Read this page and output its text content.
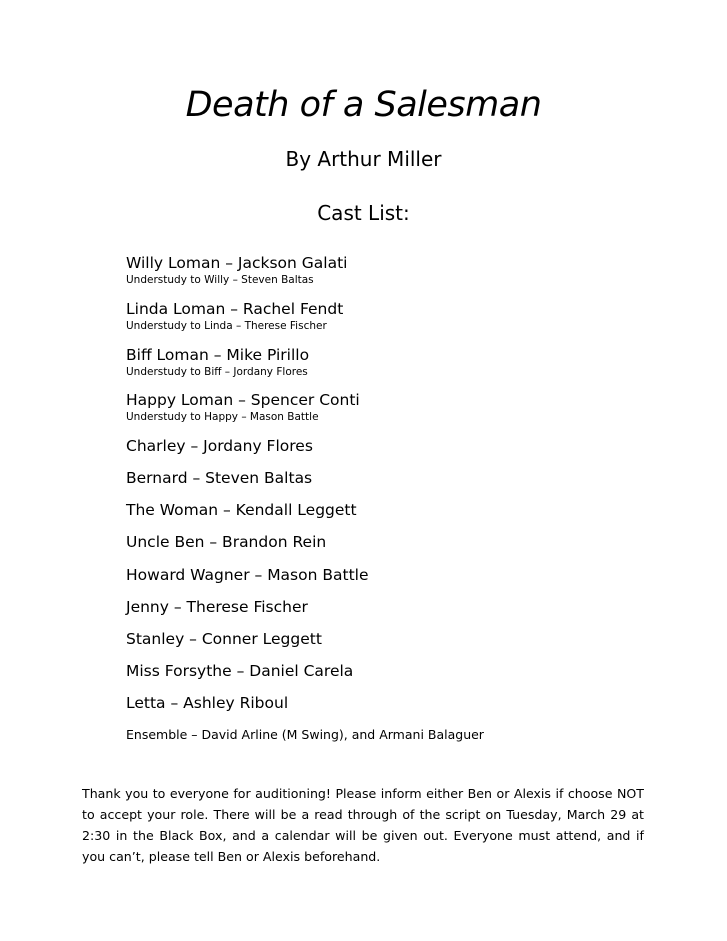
Death of a Salesman
By Arthur Miller
Cast List:
Willy Loman – Jackson Galati
Understudy to Willy – Steven Baltas
Linda Loman – Rachel Fendt
Understudy to Linda – Therese Fischer
Biff Loman – Mike Pirillo
Understudy to Biff – Jordany Flores
Happy Loman – Spencer Conti
Understudy to Happy – Mason Battle
Charley – Jordany Flores
Bernard – Steven Baltas
The Woman – Kendall Leggett
Uncle Ben – Brandon Rein
Howard Wagner – Mason Battle
Jenny – Therese Fischer
Stanley – Conner Leggett
Miss Forsythe – Daniel Carela
Letta – Ashley Riboul
Ensemble – David Arline (M Swing), and Armani Balaguer
Thank you to everyone for auditioning! Please inform either Ben or Alexis if choose NOT to accept your role. There will be a read through of the script on Tuesday, March 29 at 2:30 in the Black Box, and a calendar will be given out. Everyone must attend, and if you can’t, please tell Ben or Alexis beforehand.
